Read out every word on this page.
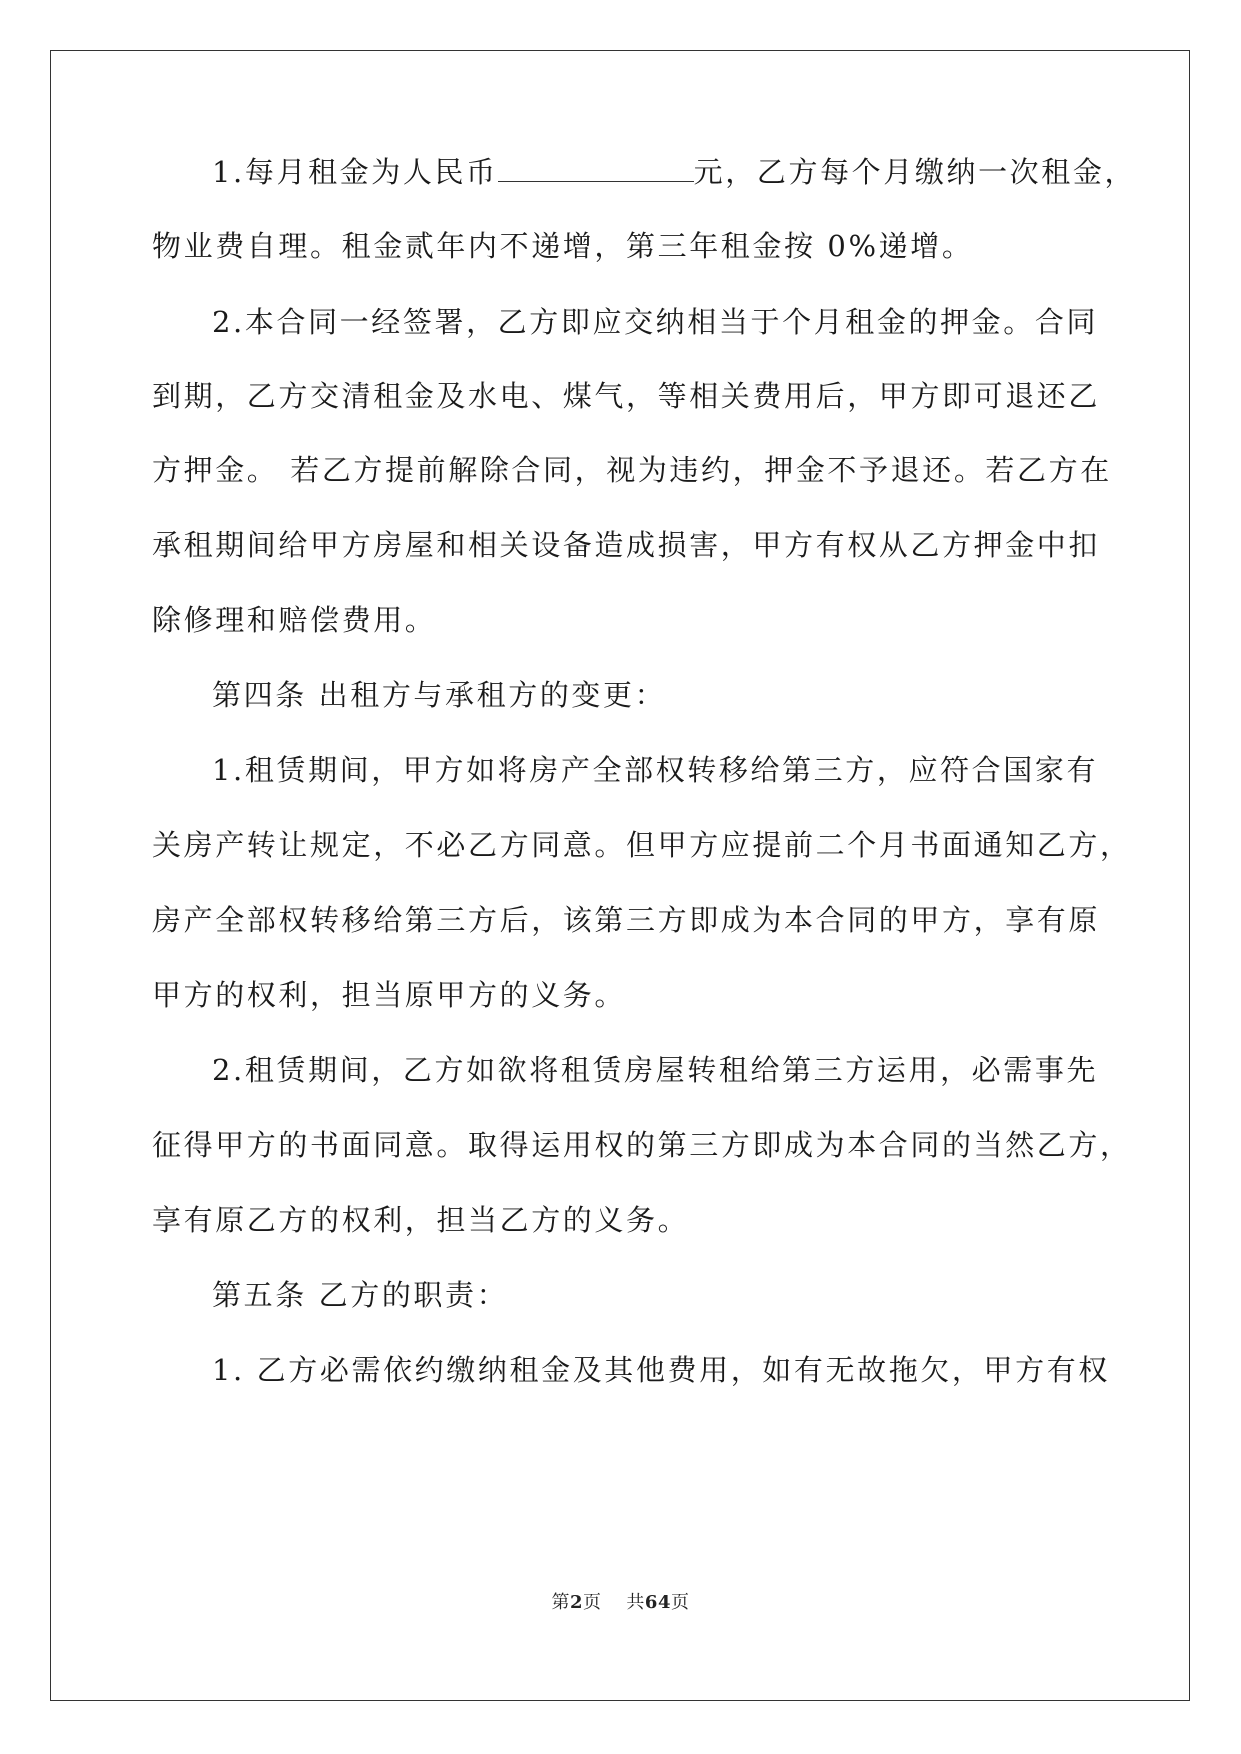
1.每月租金为人民币	元，乙方每个月缴纳一次租金，
物业费自理。租金贰年内不递增，第三年租金按 0%递增。
2.本合同一经签署，乙方即应交纳相当于个月租金的押金。合同
到期，乙方交清租金及水电、煤气，等相关费用后，甲方即可退还乙
方押金。 若乙方提前解除合同，视为违约，押金不予退还。若乙方在
承租期间给甲方房屋和相关设备造成损害，甲方有权从乙方押金中扣
除修理和赔偿费用。
第四条 出租方与承租方的变更：
1.租赁期间，甲方如将房产全部权转移给第三方，应符合国家有
关房产转让规定，不必乙方同意。但甲方应提前二个月书面通知乙方，
房产全部权转移给第三方后，该第三方即成为本合同的甲方，享有原
甲方的权利，担当原甲方的义务。
2.租赁期间，乙方如欲将租赁房屋转租给第三方运用，必需事先
征得甲方的书面同意。取得运用权的第三方即成为本合同的当然乙方，
享有原乙方的权利，担当乙方的义务。
第五条 乙方的职责：
1. 乙方必需依约缴纳租金及其他费用，如有无故拖欠，甲方有权
第2页    共64页
